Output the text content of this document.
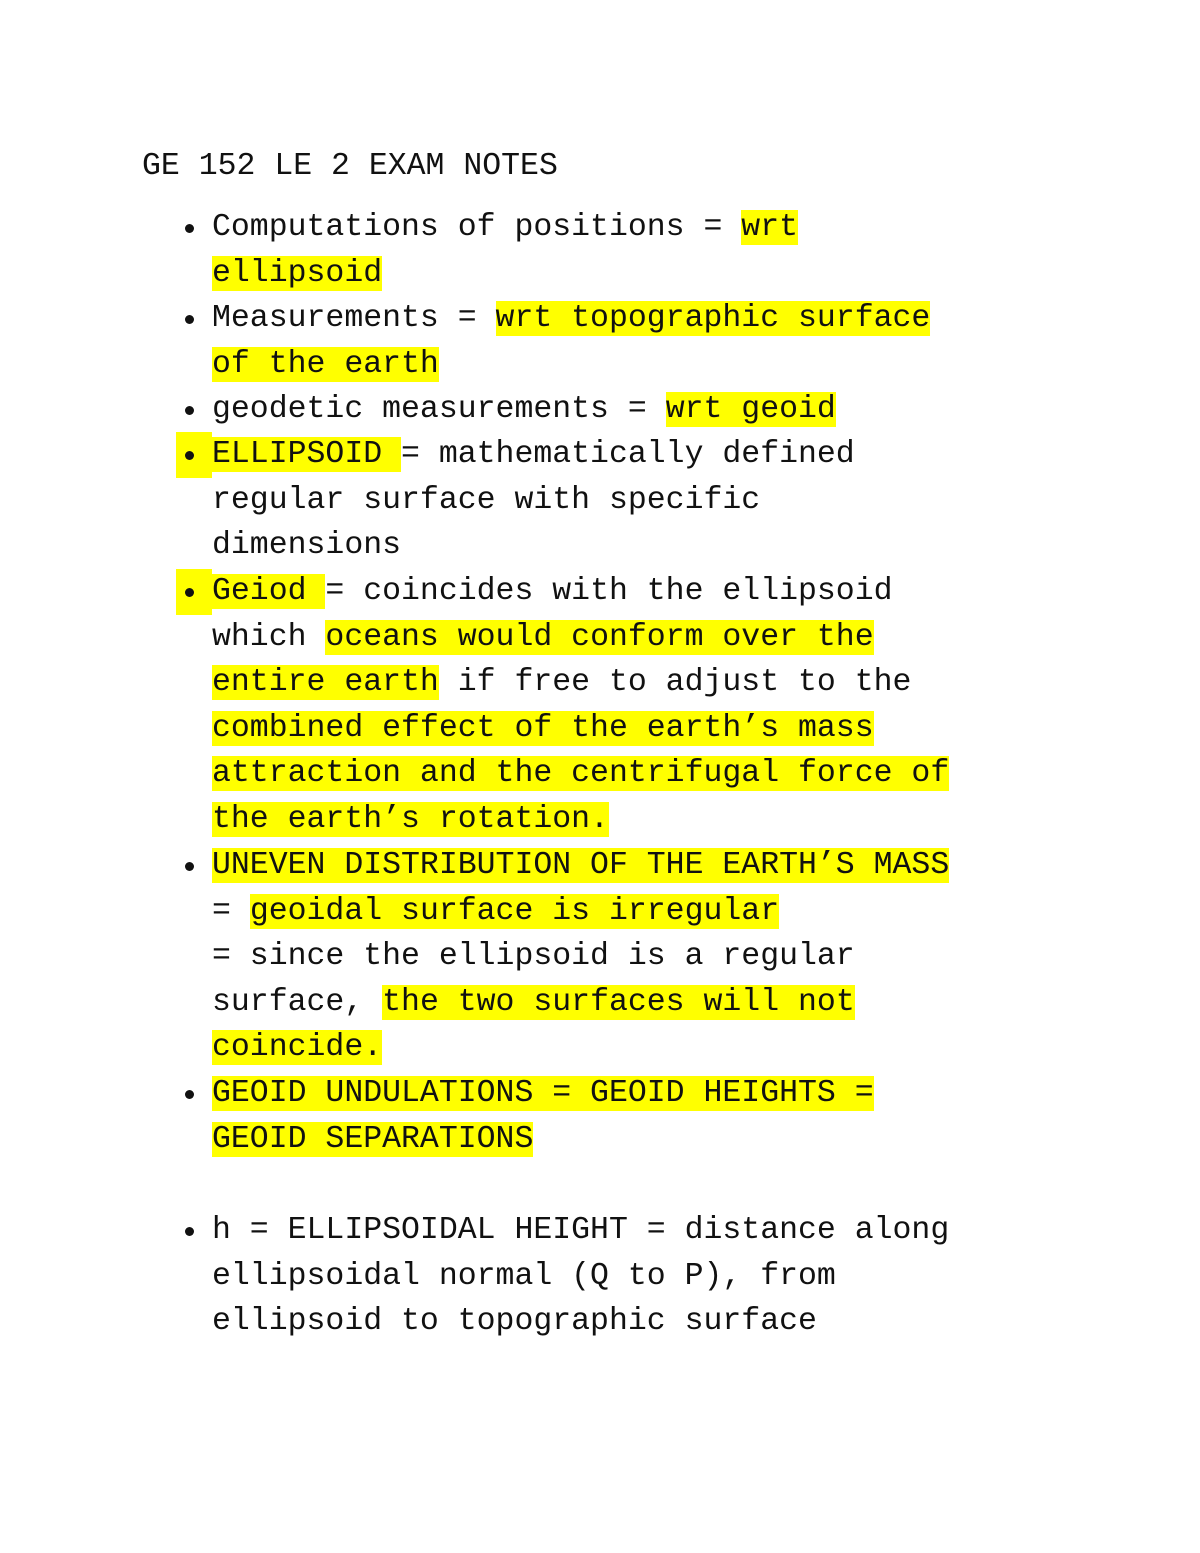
GE 152 LE 2 EXAM NOTES
Computations of positions = wrt
ellipsoid
Measurements = wrt topographic surface
of the earth
geodetic measurements = wrt geoid
ELLIPSOID = mathematically defined
regular surface with specific
dimensions
Geiod = coincides with the ellipsoid
which oceans would conform over the
entire earth if free to adjust to the
combined effect of the earth’s mass
attraction and the centrifugal force of
the earth’s rotation.
UNEVEN DISTRIBUTION OF THE EARTH’S MASS
= geoidal surface is irregular
= since the ellipsoid is a regular
surface, the two surfaces will not
coincide.
GEOID UNDULATIONS = GEOID HEIGHTS =
GEOID SEPARATIONS
h = ELLIPSOIDAL HEIGHT = distance along
ellipsoidal normal (Q to P), from
ellipsoid to topographic surface
